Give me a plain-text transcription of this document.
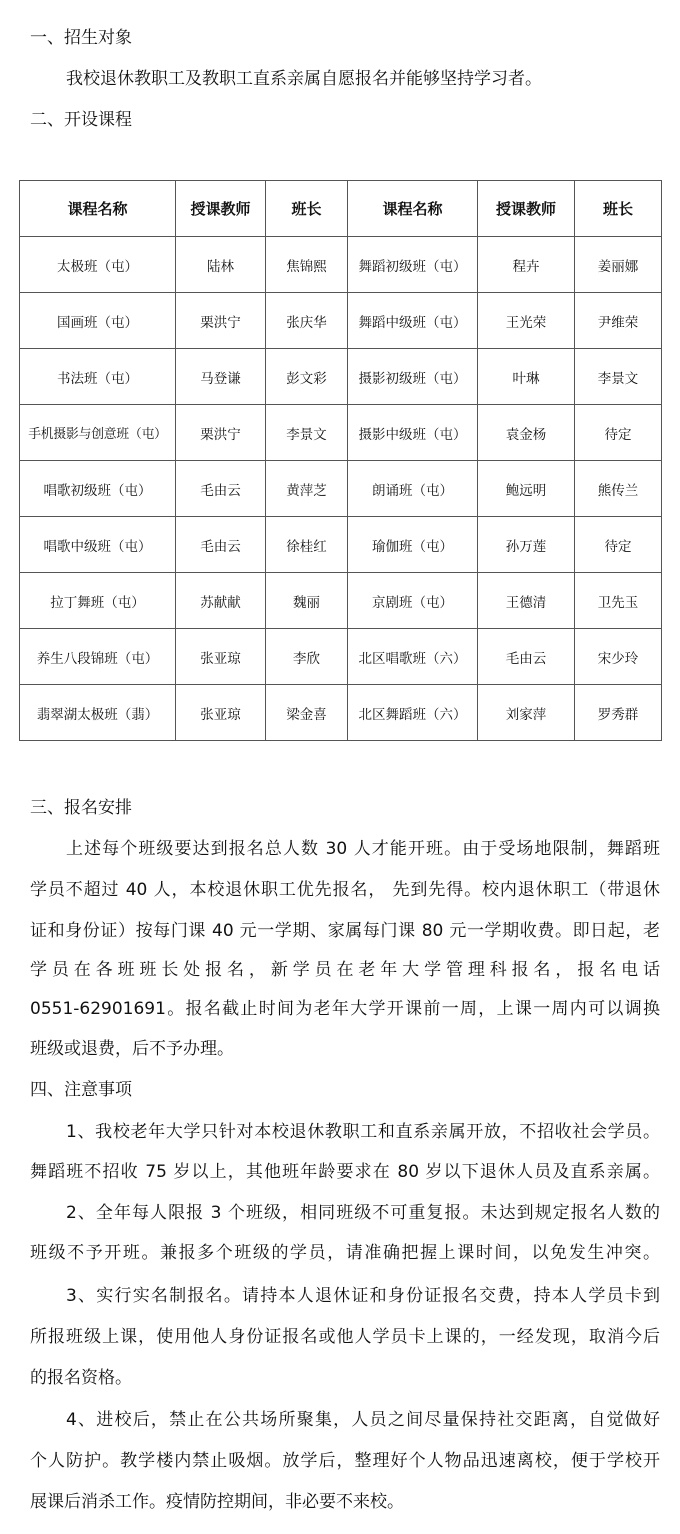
一、招生对象
我校退休教职工及教职工直系亲属自愿报名并能够坚持学习者。
二、开设课程
课程名称	授课教师	班长	课程名称	授课教师	班长
太极班（屯）	陆林	焦锦熙	舞蹈初级班（屯）	程卉	姜丽娜
国画班（屯）	栗洪宁	张庆华	舞蹈中级班（屯）	王光荣	尹维荣
书法班（屯）	马登谦	彭文彩	摄影初级班（屯）	叶琳	李景文
手机摄影与创意班（屯）	栗洪宁	李景文	摄影中级班（屯）	袁金杨	待定
唱歌初级班（屯）	毛由云	黄萍芝	朗诵班（屯）	鲍远明	熊传兰
唱歌中级班（屯）	毛由云	徐桂红	瑜伽班（屯）	孙万莲	待定
拉丁舞班（屯）	苏献献	魏丽	京剧班（屯）	王德清	卫先玉
养生八段锦班（屯）	张亚琼	李欣	北区唱歌班（六）	毛由云	宋少玲
翡翠湖太极班（翡）	张亚琼	梁金喜	北区舞蹈班（六）	刘家萍	罗秀群
三、报名安排
上述每个班级要达到报名总人数 30 人才能开班。由于受场地限制，舞蹈班
学员不超过 40 人，本校退休职工优先报名， 先到先得。校内退休职工（带退休
证和身份证）按每门课 40 元一学期、家属每门课 80 元一学期收费。即日起，老
学员在各班班长处报名，新学员在老年大学管理科报名，报名电话
0551-62901691。报名截止时间为老年大学开课前一周，上课一周内可以调换
班级或退费，后不予办理。
四、注意事项
1、我校老年大学只针对本校退休教职工和直系亲属开放，不招收社会学员。
舞蹈班不招收 75 岁以上，其他班年龄要求在 80 岁以下退休人员及直系亲属。
2、全年每人限报 3 个班级，相同班级不可重复报。未达到规定报名人数的
班级不予开班。兼报多个班级的学员，请准确把握上课时间，以免发生冲突。
3、实行实名制报名。请持本人退休证和身份证报名交费，持本人学员卡到
所报班级上课，使用他人身份证报名或他人学员卡上课的，一经发现，取消今后
的报名资格。
4、进校后，禁止在公共场所聚集，人员之间尽量保持社交距离，自觉做好
个人防护。教学楼内禁止吸烟。放学后，整理好个人物品迅速离校，便于学校开
展课后消杀工作。疫情防控期间，非必要不来校。
